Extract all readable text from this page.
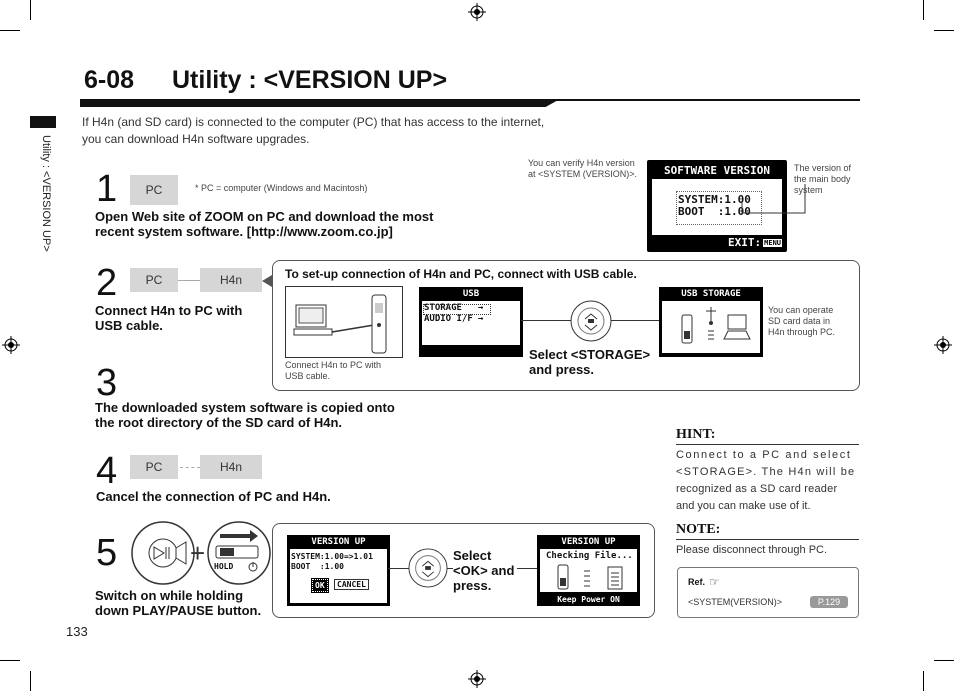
6-08 Utility : <VERSION UP>
Utility : <VERSION UP>
If H4n (and SD card) is connected to the computer (PC) that has access to the internet,
you can download H4n software upgrades.
1	PC	* PC = computer (Windows and Macintosh)
Open Web site of ZOOM on PC and download the most
recent system software. [http://www.zoom.co.jp]
You can verify H4n version
at <SYSTEM (VERSION)>.	SOFTWARE VERSION
SYSTEM:1.00
BOOT  :1.00
EXIT: MENU
The version of
the main body
system
2	PC	H4n
Connect H4n to PC with
USB cable.
To set-up connection of H4n and PC, connect with USB cable.
Connect H4n to PC with
USB cable.
USB
STORAGE →
AUDIO I/F →
Select <STORAGE>
and press.
USB STORAGE
You can operate
SD card data in
H4n through PC.
3
The downloaded system software is copied onto
the root directory of the SD card of H4n.
4	PC	H4n
Cancel the connection of PC and H4n.
5	+ HOLD
Switch on while holding
down PLAY/PAUSE button.
VERSION UP
SYSTEM:1.00=>1.01
BOOT  :1.00
OK	CANCEL
Select
<OK> and
press.
VERSION UP
Checking File...
Keep Power ON
HINT:
Connect to a PC and select
<STORAGE>. The H4n will be
recognized as a SD card reader
and you can make use of it.
NOTE:
Please disconnect through PC.
Ref. ☞
<SYSTEM(VERSION)>	P.129
133
